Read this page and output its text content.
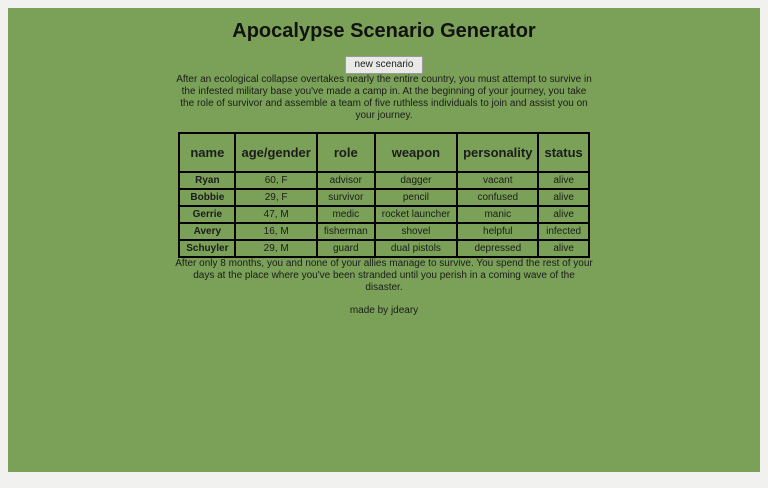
Apocalypse Scenario Generator
new scenario

After an ecological collapse overtakes nearly the entire country, you must attempt to survive in the infested military base you've made a camp in. At the beginning of your journey, you take the role of survivor and assemble a team of five ruthless individuals to join and assist you on your journey.

name	age/gender	role	weapon	personality	status
Ryan	60, F	advisor	dagger	vacant	alive
Bobbie	29, F	survivor	pencil	confused	alive
Gerrie	47, M	medic	rocket launcher	manic	alive
Avery	16, M	fisherman	shovel	helpful	infected
Schuyler	29, M	guard	dual pistols	depressed	alive

After only 8 months, you and none of your allies manage to survive. You spend the rest of your days at the place where you've been stranded until you perish in a coming wave of the disaster.

made by jdeary
